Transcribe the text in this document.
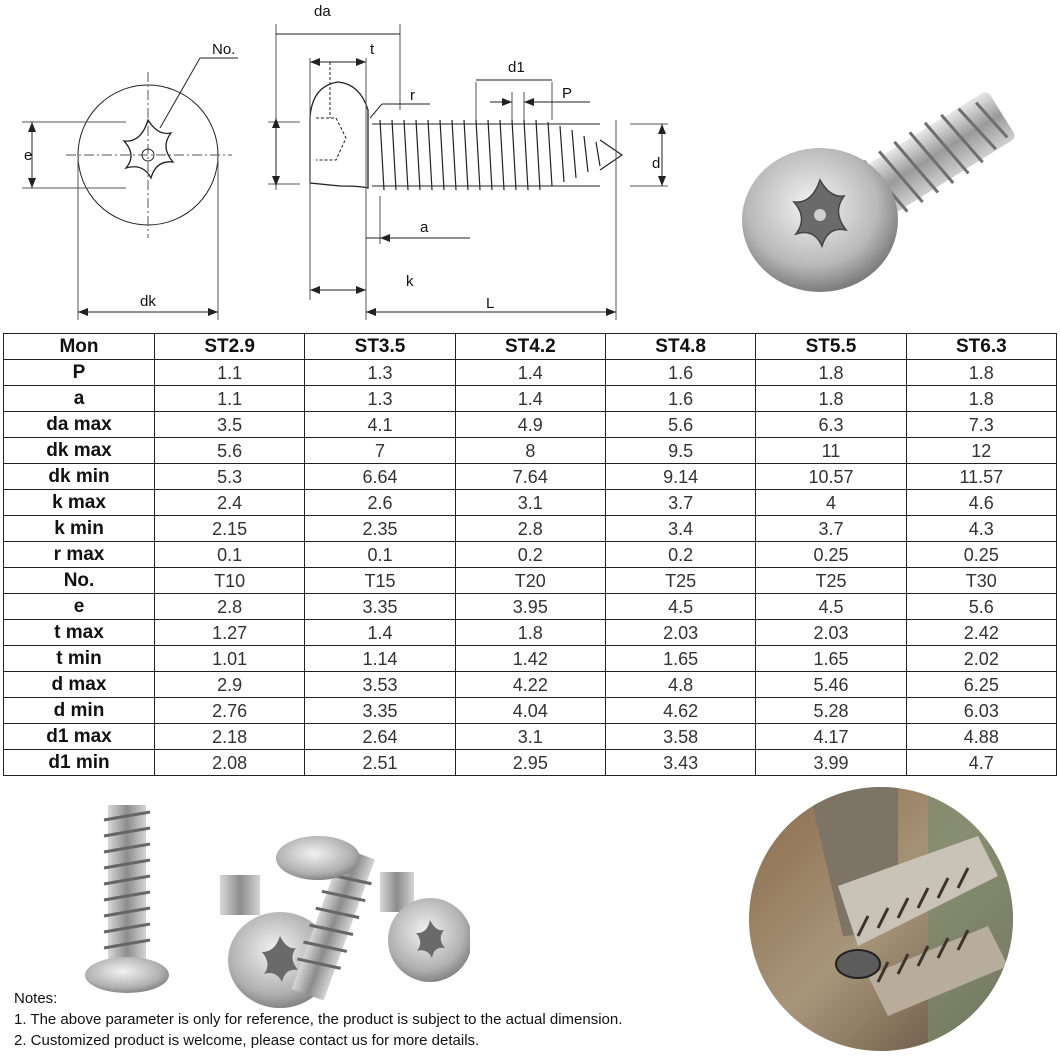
No.
e
dk
da
t
r
d1
P
d
a
k
L
Mon	ST2.9	ST3.5	ST4.2	ST4.8	ST5.5	ST6.3
P	1.1	1.3	1.4	1.6	1.8	1.8
a	1.1	1.3	1.4	1.6	1.8	1.8
da max	3.5	4.1	4.9	5.6	6.3	7.3
dk max	5.6	7	8	9.5	11	12
dk min	5.3	6.64	7.64	9.14	10.57	11.57
k max	2.4	2.6	3.1	3.7	4	4.6
k min	2.15	2.35	2.8	3.4	3.7	4.3
r max	0.1	0.1	0.2	0.2	0.25	0.25
No.	T10	T15	T20	T25	T25	T30
e	2.8	3.35	3.95	4.5	4.5	5.6
t max	1.27	1.4	1.8	2.03	2.03	2.42
t min	1.01	1.14	1.42	1.65	1.65	2.02
d max	2.9	3.53	4.22	4.8	5.46	6.25
d min	2.76	3.35	4.04	4.62	5.28	6.03
d1 max	2.18	2.64	3.1	3.58	4.17	4.88
d1 min	2.08	2.51	2.95	3.43	3.99	4.7
Notes:
1. The above parameter is only for reference, the product is subject to the actual dimension.
2. Customized product is welcome, please contact us for more details.
